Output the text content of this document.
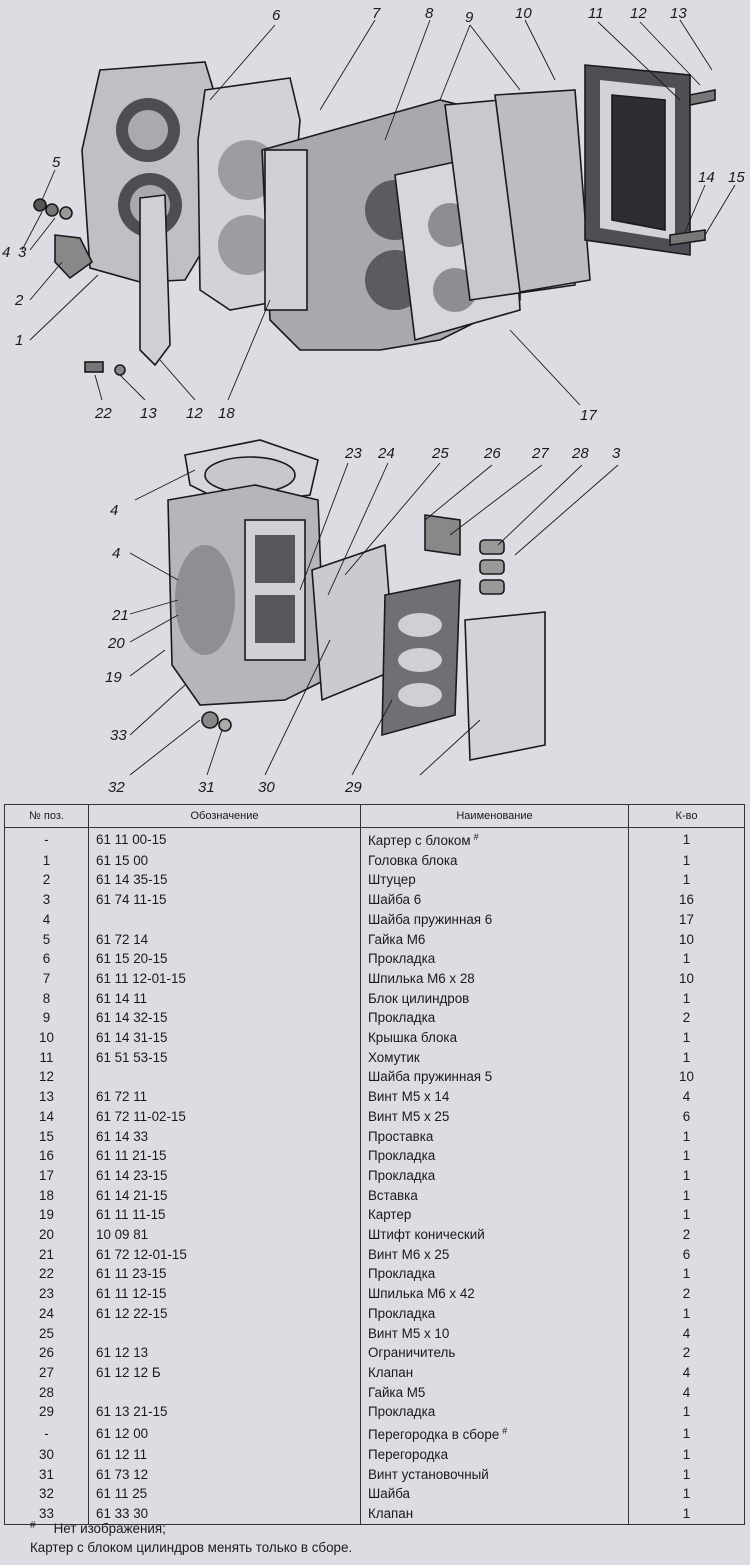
1
2
3
4
5
6	7	8 9	10	11 12 13
14 15
17
18
12
13
22
4
23 24 25 26 27 28 3
4
21
20
19
33
32	31	30	29
№ поз.	Обозначение	Наименование	К-во
-	61 11 00-15	Картер с блоком #	1
1	61 15 00	Головка блока	1
2	61 14 35-15	Штуцер	1
3	61 74 11-15	Шайба 6	16
4		Шайба пружинная 6	17
5	61 72 14	Гайка М6	10
6	61 15 20-15	Прокладка	1
7	61 11 12-01-15	Шпилька М6 х 28	10
8	61 14 11	Блок цилиндров	1
9	61 14 32-15	Прокладка	2
10	61 14 31-15	Крышка блока	1
11	61 51 53-15	Хомутик	1
12		Шайба пружинная 5	10
13	61 72 11	Винт М5 х 14	4
14	61 72 11-02-15	Винт М5 х 25	6
15	61 14 33	Проставка	1
16	61 11 21-15	Прокладка	1
17	61 14 23-15	Прокладка	1
18	61 14 21-15	Вставка	1
19	61 11 11-15	Картер	1
20	10 09 81	Штифт конический	2
21	61 72 12-01-15	Винт М6 х 25	6
22	61 11 23-15	Прокладка	1
23	61 11 12-15	Шпилька М6 х 42	2
24	61 12 22-15	Прокладка	1
25		Винт М5 х 10	4
26	61 12 13	Ограничитель	2
27	61 12 12 Б	Клапан	4
28		Гайка М5	4
29	61 13 21-15	Прокладка	1
-	61 12 00	Перегородка в сборе #	1
30	61 12 11	Перегородка	1
31	61 73 12	Винт установочный	1
32	61 11 25	Шайба	1
33	61 33 30	Клапан	1
# Нет изображения;
Картер с блоком цилиндров менять только в сборе.
